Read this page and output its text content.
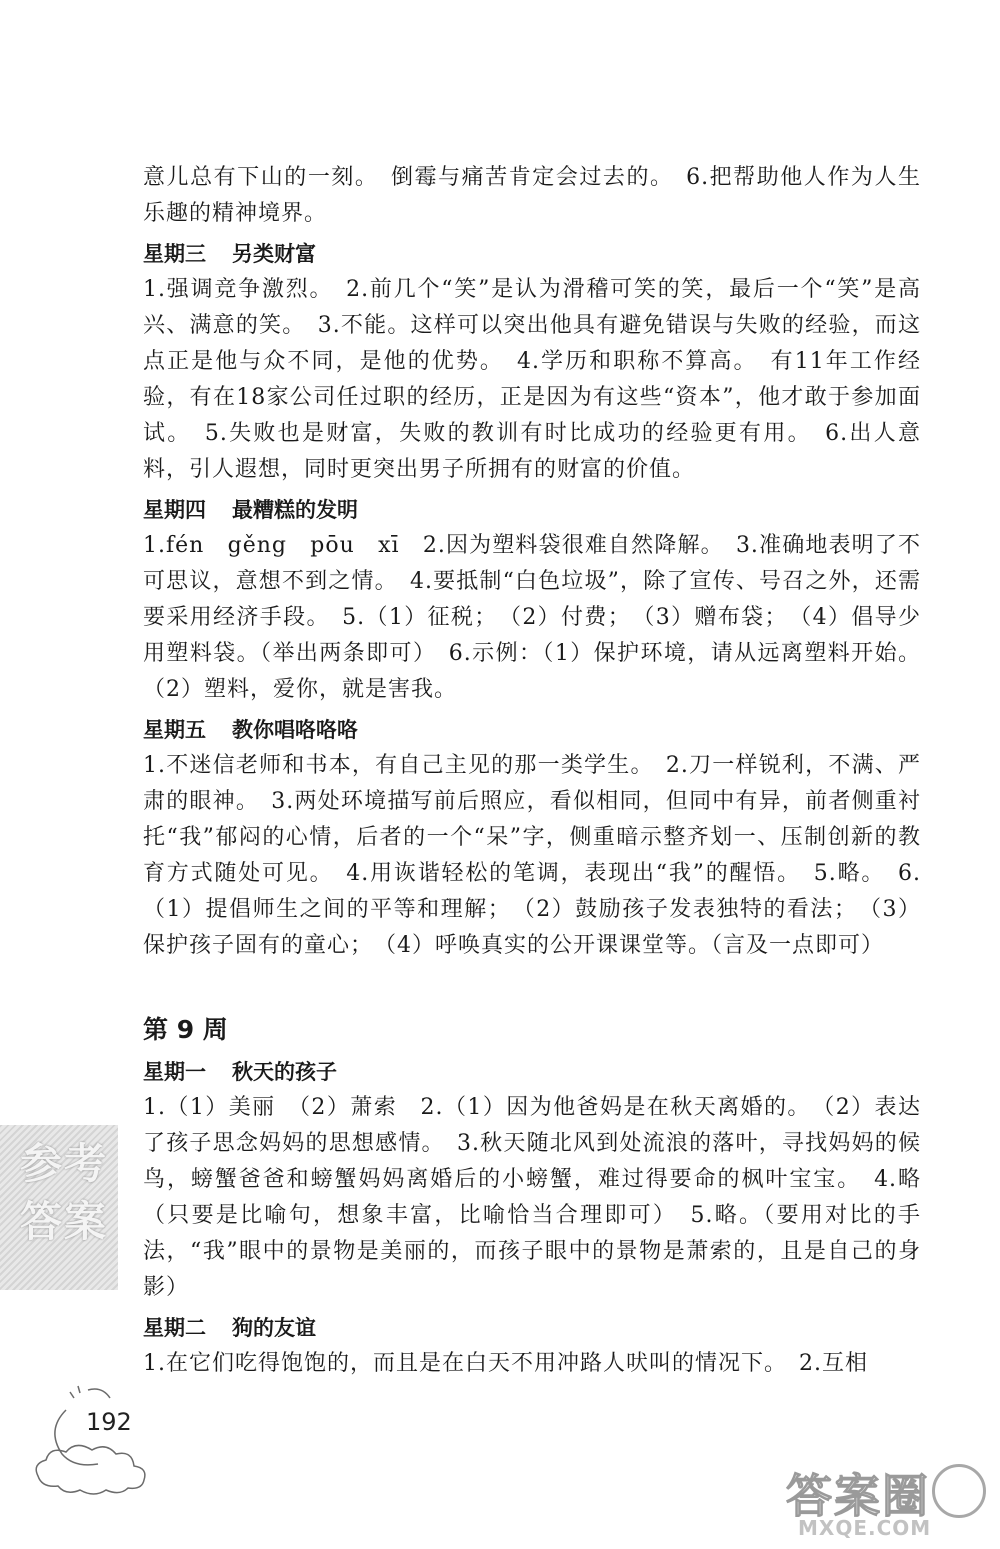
意儿总有下山的一刻。　倒霉与痛苦肯定会过去的。　6.把帮助他人作为人生乐趣的精神境界。

星期三 另类财富

1.强调竞争激烈。　2.前几个“笑”是认为滑稽可笑的笑，最后一个“笑”是高兴、满意的笑。　3.不能。这样可以突出他具有避免错误与失败的经验，而这点正是他与众不同，是他的优势。　4.学历和职称不算高。　有11年工作经验，有在18家公司任过职的经历，正是因为有这些“资本”，他才敢于参加面试。　5.失败也是财富，失败的教训有时比成功的经验更有用。　6.出人意料，引人遐想，同时更突出男子所拥有的财富的价值。

星期四 最糟糕的发明

1.fén　gěng　pōu　xī　2.因为塑料袋很难自然降解。　3.准确地表明了不可思议，意想不到之情。　4.要抵制“白色垃圾”，除了宣传、号召之外，还需要采用经济手段。　5.（1）征税；　（2）付费；　（3）赠布袋；　（4）倡导少用塑料袋。（举出两条即可）　6.示例：（1）保护环境，请从远离塑料开始。（2）塑料，爱你，就是害我。

星期五 教你唱咯咯咯

1.不迷信老师和书本，有自己主见的那一类学生。　2.刀一样锐利，不满、严肃的眼神。　3.两处环境描写前后照应，看似相同，但同中有异，前者侧重衬托“我”郁闷的心情，后者的一个“呆”字，侧重暗示整齐划一、压制创新的教育方式随处可见。　4.用诙谐轻松的笔调，表现出“我”的醒悟。　5.略。　6.（1）提倡师生之间的平等和理解；　（2）鼓励孩子发表独特的看法；　（3）保护孩子固有的童心；　（4）呼唤真实的公开课课堂等。（言及一点即可）

第 9 周
星期一 秋天的孩子

1.（1）美丽　（2）萧索　2.（1）因为他爸妈是在秋天离婚的。　（2）表达了孩子思念妈妈的思想感情。　3.秋天随北风到处流浪的落叶，寻找妈妈的候鸟，螃蟹爸爸和螃蟹妈妈离婚后的小螃蟹，难过得要命的枫叶宝宝。　4.略（只要是比喻句，想象丰富，比喻恰当合理即可）　5.略。（要用对比的手法，“我”眼中的景物是美丽的，而孩子眼中的景物是萧索的，且是自己的身影）

星期二 狗的友谊

1.在它们吃得饱饱的，而且是在白天不用冲路人吠叫的情况下。　2.互相

参考答案
192
答案圈
MXQE.COM
